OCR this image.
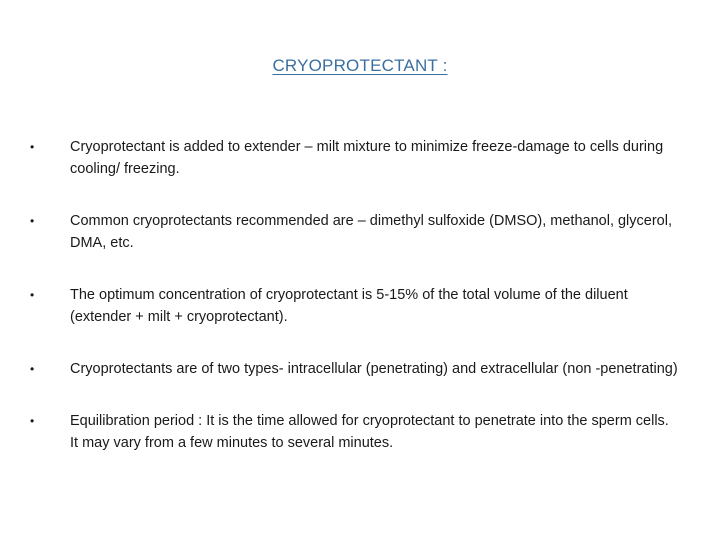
CRYOPROTECTANT :
• Cryoprotectant is added to extender – milt mixture to minimize freeze-damage to cells during cooling/ freezing.
• Common cryoprotectants recommended are – dimethyl sulfoxide (DMSO), methanol, glycerol, DMA, etc.
• The optimum concentration of cryoprotectant is 5-15% of the total volume of the diluent (extender + milt + cryoprotectant).
• Cryoprotectants are of two types- intracellular (penetrating) and extracellular (non -penetrating)
• Equilibration period : It is the time allowed for cryoprotectant to penetrate into the sperm cells. It may vary from a few minutes to several minutes.
